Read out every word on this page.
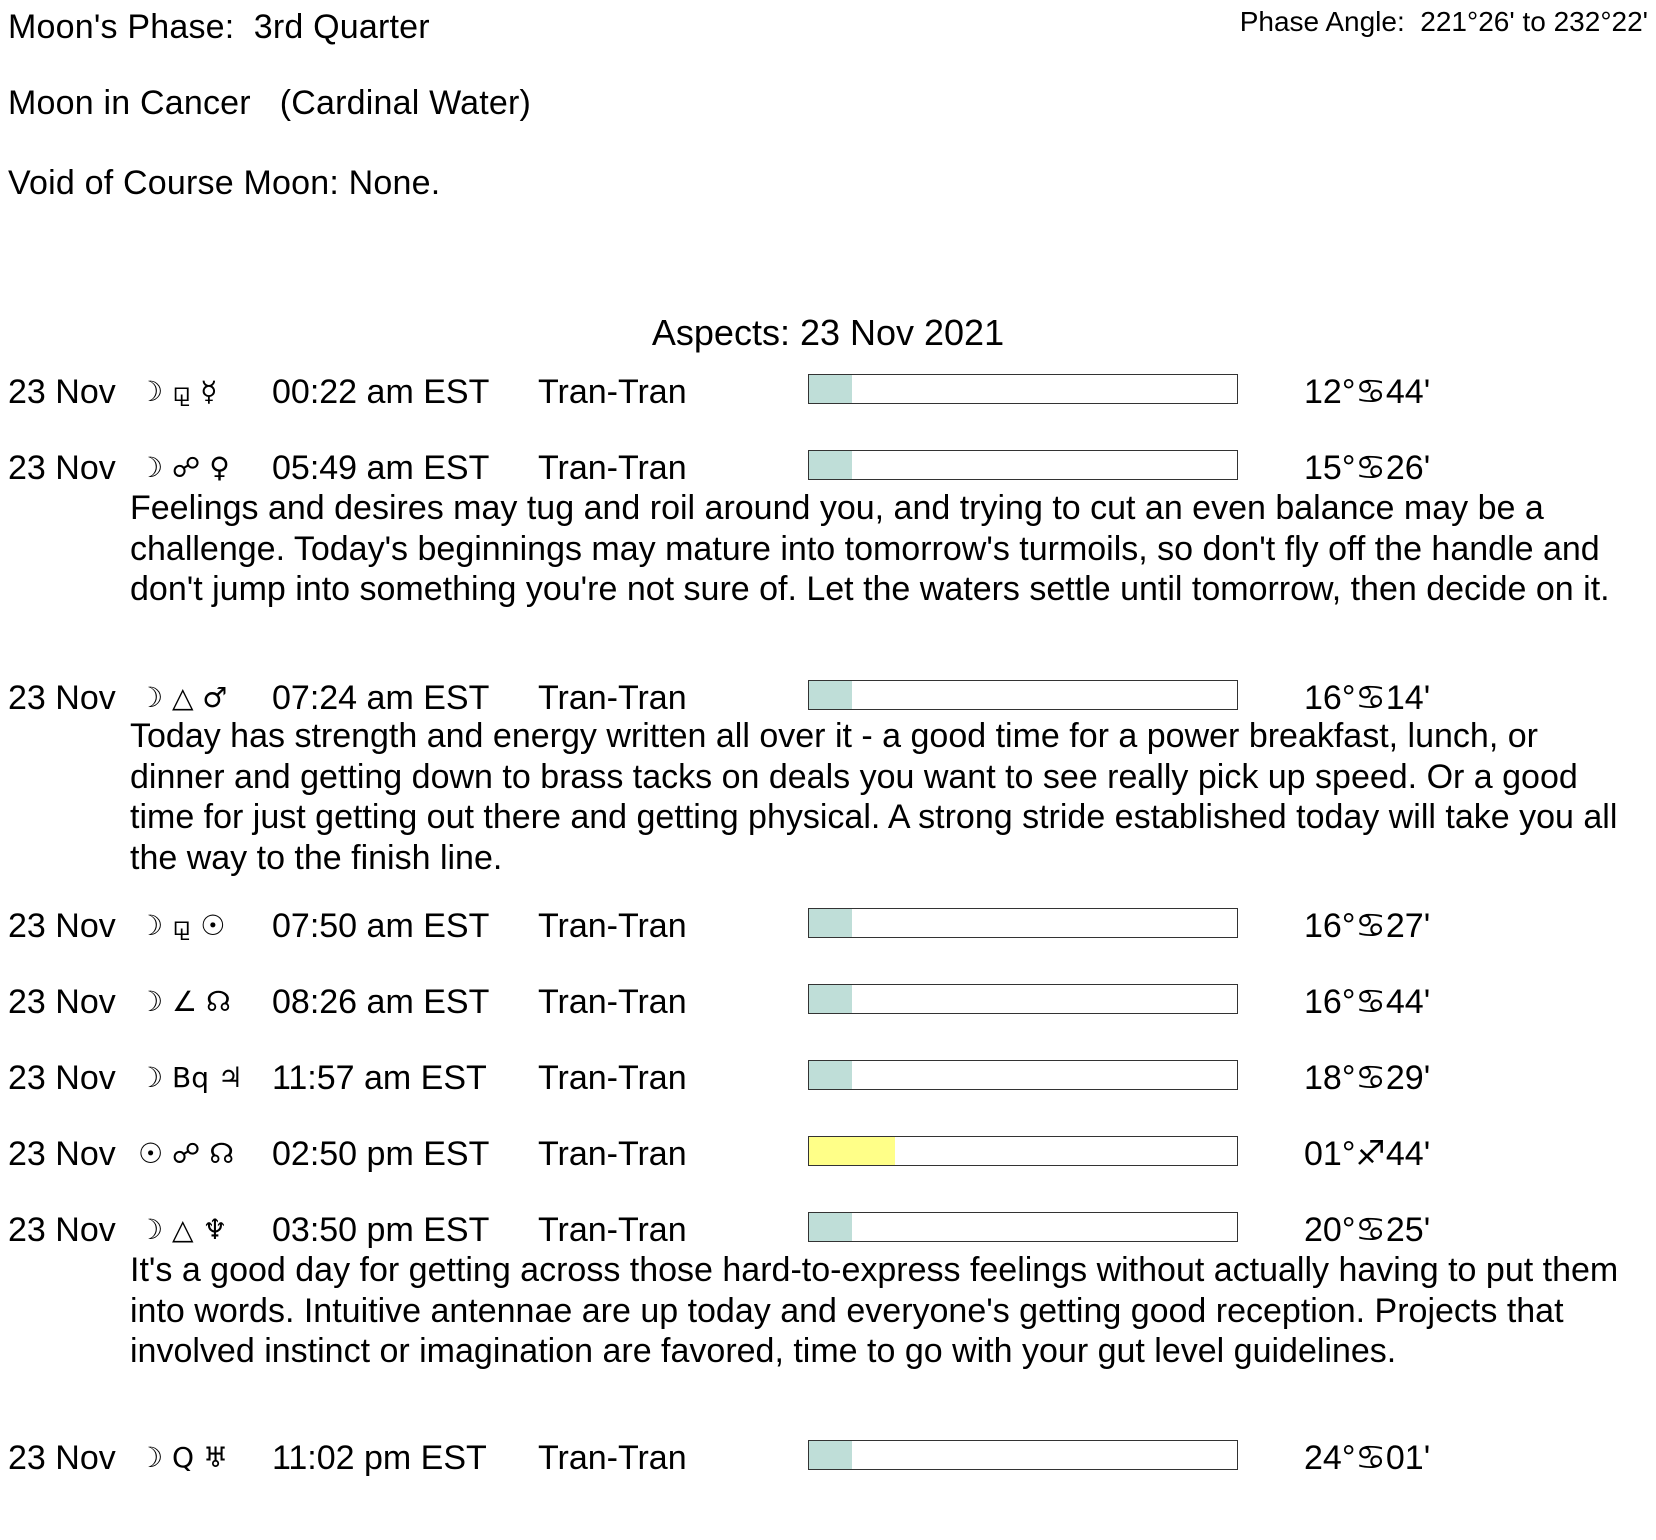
Moon's Phase:  3rd Quarter	Phase Angle:  221°26' to 232°22'
Moon in Cancer   (Cardinal Water)
Void of Course Moon: None.
Aspects: 23 Nov 2021
23 Nov ☽ ⚼ ☿ 00:22 am EST Tran-Tran	12°♋44'
23 Nov ☽ ☍ ♀ 05:49 am EST Tran-Tran	15°♋26'
Feelings and desires may tug and roil around you, and trying to cut an even balance may be a challenge. Today's beginnings may mature into tomorrow's turmoils, so don't fly off the handle and don't jump into something you're not sure of. Let the waters settle until tomorrow, then decide on it.
23 Nov ☽ △ ♂ 07:24 am EST Tran-Tran	16°♋14'
Today has strength and energy written all over it - a good time for a power breakfast, lunch, or dinner and getting down to brass tacks on deals you want to see really pick up speed. Or a good time for just getting out there and getting physical. A strong stride established today will take you all the way to the finish line.
23 Nov ☽ ⚼ ☉ 07:50 am EST Tran-Tran	16°♋27'
23 Nov ☽ ∠ ☊ 08:26 am EST Tran-Tran	16°♋44'
23 Nov ☽ Bq ♃ 11:57 am EST Tran-Tran	18°♋29'
23 Nov ☉ ☍ ☊ 02:50 pm EST Tran-Tran	01°♐44'
23 Nov ☽ △ ♆ 03:50 pm EST Tran-Tran	20°♋25'
It's a good day for getting across those hard-to-express feelings without actually having to put them into words. Intuitive antennae are up today and everyone's getting good reception. Projects that involved instinct or imagination are favored, time to go with your gut level guidelines.
23 Nov ☽ Q ♅ 11:02 pm EST Tran-Tran	24°♋01'
